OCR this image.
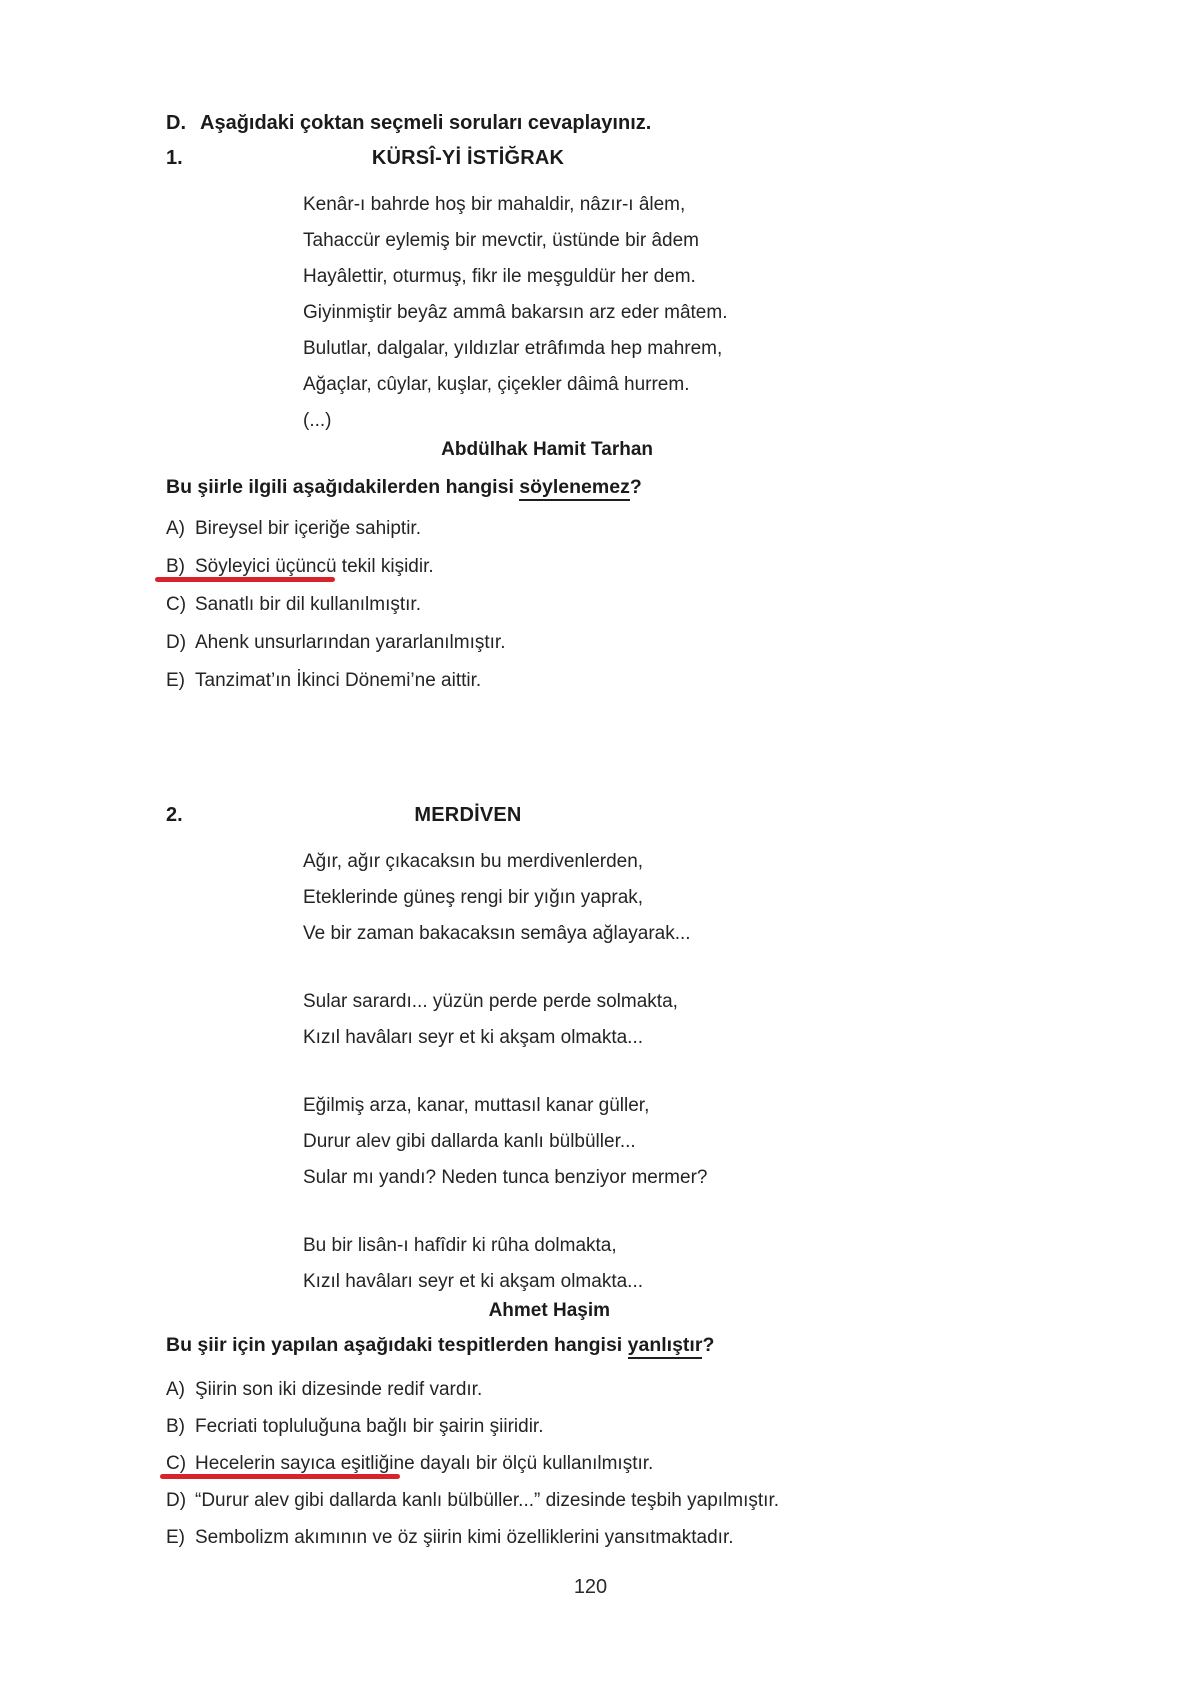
D. Aşağıdaki çoktan seçmeli soruları cevaplayınız.
1.	KÜRSÎ-Yİ İSTİĞRAK
Kenâr-ı bahrde hoş bir mahaldir, nâzır-ı âlem,
Tahaccür eylemiş bir mevctir, üstünde bir âdem
Hayâlettir, oturmuş, fikr ile meşguldür her dem.
Giyinmiştir beyâz ammâ bakarsın arz eder mâtem.
Bulutlar, dalgalar, yıldızlar etrâfımda hep mahrem,
Ağaçlar, cûylar, kuşlar, çiçekler dâimâ hurrem.
(...)
Abdülhak Hamit Tarhan

Bu şiirle ilgili aşağıdakilerden hangisi söylenemez?

A) Bireysel bir içeriğe sahiptir.
B) Söyleyici üçüncü tekil kişidir.
C) Sanatlı bir dil kullanılmıştır.
D) Ahenk unsurlarından yararlanılmıştır.
E) Tanzimat’ın İkinci Dönemi’ne aittir.
2.	MERDİVEN
Ağır, ağır çıkacaksın bu merdivenlerden,
Eteklerinde güneş rengi bir yığın yaprak,
Ve bir zaman bakacaksın semâya ağlayarak...
Sular sarardı... yüzün perde perde solmakta,
Kızıl havâları seyr et ki akşam olmakta...
Eğilmiş arza, kanar, muttasıl kanar güller,
Durur alev gibi dallarda kanlı bülbüller...
Sular mı yandı? Neden tunca benziyor mermer?
Bu bir lisân-ı hafîdir ki rûha dolmakta,
Kızıl havâları seyr et ki akşam olmakta...
Ahmet Haşim

Bu şiir için yapılan aşağıdaki tespitlerden hangisi yanlıştır?

A) Şiirin son iki dizesinde redif vardır.
B) Fecriati topluluğuna bağlı bir şairin şiiridir.
C) Hecelerin sayıca eşitliğine dayalı bir ölçü kullanılmıştır.
D) “Durur alev gibi dallarda kanlı bülbüller...” dizesinde teşbih yapılmıştır.
E) Sembolizm akımının ve öz şiirin kimi özelliklerini yansıtmaktadır.
120
